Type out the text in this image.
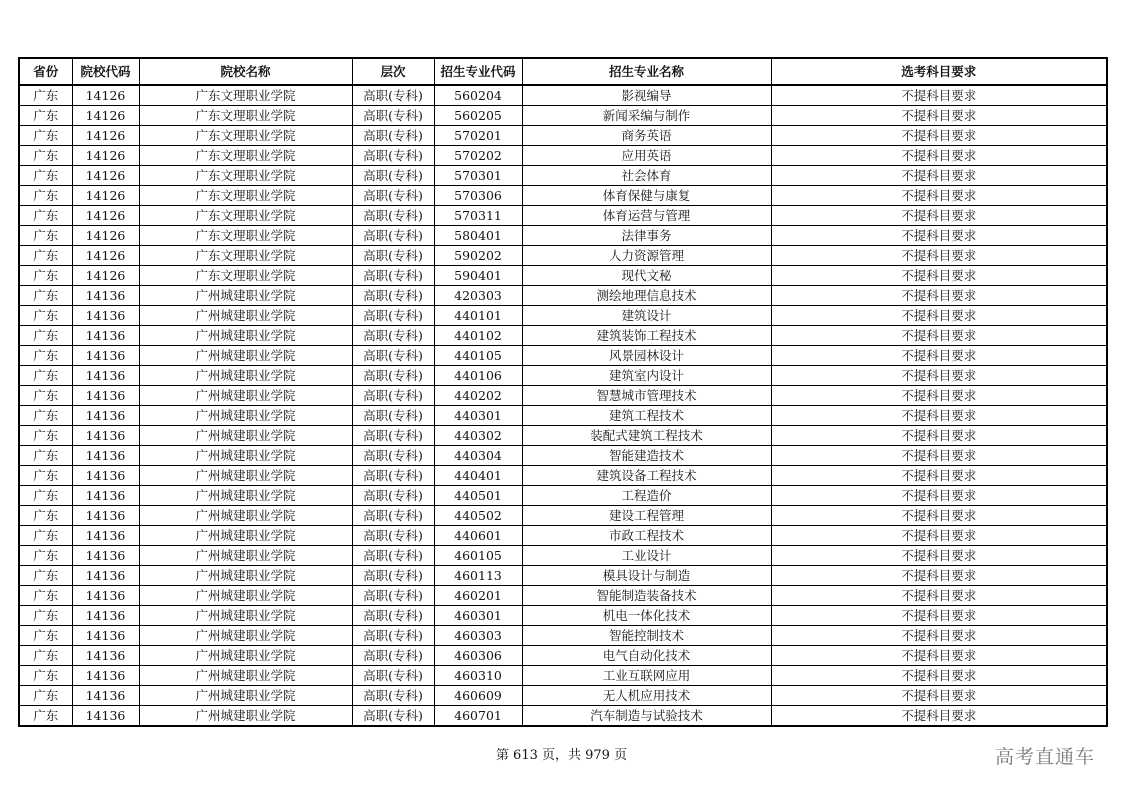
省份	院校代码	院校名称	层次	招生专业代码	招生专业名称	选考科目要求
广东	14126	广东文理职业学院	高职(专科)	560204	影视编导	不提科目要求
广东	14126	广东文理职业学院	高职(专科)	560205	新闻采编与制作	不提科目要求
广东	14126	广东文理职业学院	高职(专科)	570201	商务英语	不提科目要求
广东	14126	广东文理职业学院	高职(专科)	570202	应用英语	不提科目要求
广东	14126	广东文理职业学院	高职(专科)	570301	社会体育	不提科目要求
广东	14126	广东文理职业学院	高职(专科)	570306	体育保健与康复	不提科目要求
广东	14126	广东文理职业学院	高职(专科)	570311	体育运营与管理	不提科目要求
广东	14126	广东文理职业学院	高职(专科)	580401	法律事务	不提科目要求
广东	14126	广东文理职业学院	高职(专科)	590202	人力资源管理	不提科目要求
广东	14126	广东文理职业学院	高职(专科)	590401	现代文秘	不提科目要求
广东	14136	广州城建职业学院	高职(专科)	420303	测绘地理信息技术	不提科目要求
广东	14136	广州城建职业学院	高职(专科)	440101	建筑设计	不提科目要求
广东	14136	广州城建职业学院	高职(专科)	440102	建筑装饰工程技术	不提科目要求
广东	14136	广州城建职业学院	高职(专科)	440105	风景园林设计	不提科目要求
广东	14136	广州城建职业学院	高职(专科)	440106	建筑室内设计	不提科目要求
广东	14136	广州城建职业学院	高职(专科)	440202	智慧城市管理技术	不提科目要求
广东	14136	广州城建职业学院	高职(专科)	440301	建筑工程技术	不提科目要求
广东	14136	广州城建职业学院	高职(专科)	440302	装配式建筑工程技术	不提科目要求
广东	14136	广州城建职业学院	高职(专科)	440304	智能建造技术	不提科目要求
广东	14136	广州城建职业学院	高职(专科)	440401	建筑设备工程技术	不提科目要求
广东	14136	广州城建职业学院	高职(专科)	440501	工程造价	不提科目要求
广东	14136	广州城建职业学院	高职(专科)	440502	建设工程管理	不提科目要求
广东	14136	广州城建职业学院	高职(专科)	440601	市政工程技术	不提科目要求
广东	14136	广州城建职业学院	高职(专科)	460105	工业设计	不提科目要求
广东	14136	广州城建职业学院	高职(专科)	460113	模具设计与制造	不提科目要求
广东	14136	广州城建职业学院	高职(专科)	460201	智能制造装备技术	不提科目要求
广东	14136	广州城建职业学院	高职(专科)	460301	机电一体化技术	不提科目要求
广东	14136	广州城建职业学院	高职(专科)	460303	智能控制技术	不提科目要求
广东	14136	广州城建职业学院	高职(专科)	460306	电气自动化技术	不提科目要求
广东	14136	广州城建职业学院	高职(专科)	460310	工业互联网应用	不提科目要求
广东	14136	广州城建职业学院	高职(专科)	460609	无人机应用技术	不提科目要求
广东	14136	广州城建职业学院	高职(专科)	460701	汽车制造与试验技术	不提科目要求
第 613 页，共 979 页	高考直通车
